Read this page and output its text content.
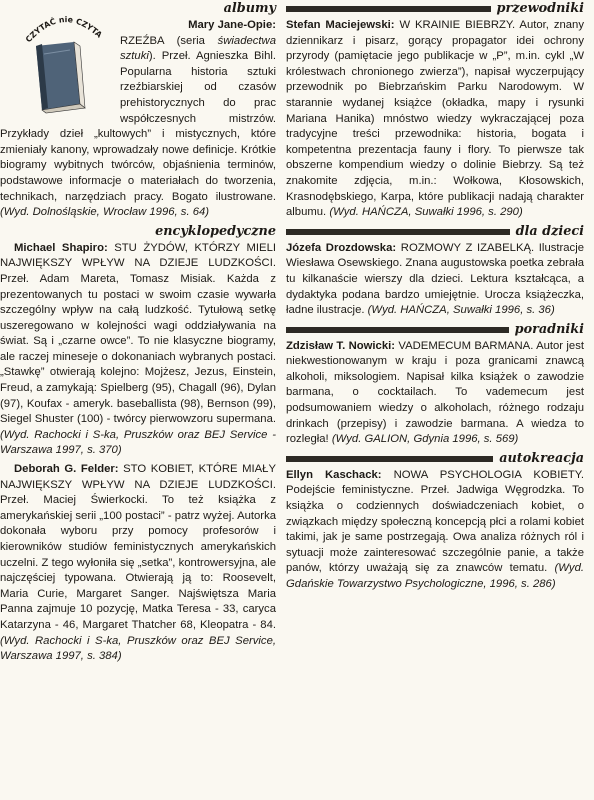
CZYTAĆ nie CZYTA
albumy

Mary Jane-Opie:

RZEŹBA (seria świadectwa sztuki). Przeł. Agnieszka Bihl. Popularna historia sztuki rzeźbiarskiej od czasów prehistorycznych do prac współczesnych mistrzów. Przykłady dzieł „kultowych” i mistycznych, które zmieniały kanony, wprowadzały nowe definicje. Krótkie biogramy wybitnych twórców, objaśnienia terminów, podstawowe informacje o materiałach do tworzenia, technikach, narzędziach pracy. Bogato ilustrowane. (Wyd. Dolnośląskie, Wrocław 1996, s. 64)

encyklopedyczne

Michael Shapiro: STU ŻYDÓW, KTÓRZY MIELI NAJWIĘKSZY WPŁYW NA DZIEJE LUDZKOŚCI. Przeł. Adam Mareta, Tomasz Misiak. Każda z prezentowanych tu postaci w swoim czasie wywarła szczególny wpływ na całą ludzkość. Tytułową setkę uszeregowano w kolejności wagi oddziaływania na świat. Są i „czarne owce”. To nie klasyczne biogramy, ale raczej mineseje o dokonaniach wybranych postaci. „Stawkę” otwierają kolejno: Mojżesz, Jezus, Einstein, Freud, a zamykają: Spielberg (95), Chagall (96), Dylan (97), Koufax - ameryk. baseballista (98), Bernson (99), Siegel Shuster (100) - twórcy pierwowzoru supermana. (Wyd. Rachocki i S-ka, Pruszków oraz BEJ Service - Warszawa 1997, s. 370)

Deborah G. Felder: STO KOBIET, KTÓRE MIAŁY NAJWIĘKSZY WPŁYW NA DZIEJE LUDZKOŚCI. Przeł. Maciej Świerkocki. To też książka z amerykańskiej serii „100 postaci” - patrz wyżej. Autorka dokonała wyboru przy pomocy profesorów i kierowników studiów feministycznych amerykańskich uczelni. Z tego wyłoniła się „setka”, kontrowersyjna, ale najczęściej typowana. Otwierają ją to: Roosevelt, Maria Curie, Margaret Sanger. Najświętsza Maria Panna zajmuje 10 pozycję, Matka Teresa - 33, caryca Katarzyna - 46, Margaret Thatcher 68, Kleopatra - 84. (Wyd. Rachocki i S-ka, Pruszków oraz BEJ Service, Warszawa 1997, s. 384)

przewodniki

Stefan Maciejewski: W KRAINIE BIEBRZY. Autor, znany dziennikarz i pisarz, gorący propagator idei ochrony przyrody (pamiętacie jego publikacje w „P”, m.in. cykl „W królestwach chronionego zwierza”), napisał wyczerpujący przewodnik po Biebrzańskim Parku Narodowym. W starannie wydanej książce (okładka, mapy i rysunki Mariana Hanika) mnóstwo wiedzy wykraczającej poza tradycyjne treści przewodnika: historia, bogata i kompetentna prezentacja fauny i flory. To pierwsze tak obszerne kompendium wiedzy o dolinie Biebrzy. Są też znakomite zdjęcia, m.in.: Wołkowa, Kłosowskich, Krasnodębskiego, Karpa, które publikacji nadają charakter albumu. (Wyd. HAŃCZA, Suwałki 1996, s. 290)

dla dzieci

Józefa Drozdowska: ROZMOWY Z IZABELKĄ. Ilustracje Wiesława Osewskiego. Znana augustowska poetka zebrała tu kilkanaście wierszy dla dzieci. Lektura kształcąca, a dydaktyka podana bardzo umiejętnie. Urocza książeczka, ładne ilustracje. (Wyd. HAŃCZA, Suwałki 1996, s. 36)

poradniki

Zdzisław T. Nowicki: VADEMECUM BARMANA. Autor jest niekwestionowanym w kraju i poza granicami znawcą alkoholi, miksologiem. Napisał kilka książek o zawodzie barmana, o cocktailach. To vademecum jest podsumowaniem wiedzy o alkoholach, różnego rodzaju drinkach (przepisy) i zawodzie barmana. A wiedza to rozległa! (Wyd. GALION, Gdynia 1996, s. 569)

autokreacja

Ellyn Kaschack: NOWA PSYCHOLOGIA KOBIETY. Podejście feministyczne. Przeł. Jadwiga Węgrodzka. To książka o codziennych doświadczeniach kobiet, o związkach między społeczną koncepcją płci a rolami kobiet takimi, jak je same postrzegają. Owa analiza różnych ról i sytuacji może zainteresować szczególnie panie, a także panów, którzy uważają się za znawców tematu. (Wyd. Gdańskie Towarzystwo Psychologiczne, 1996, s. 286)
